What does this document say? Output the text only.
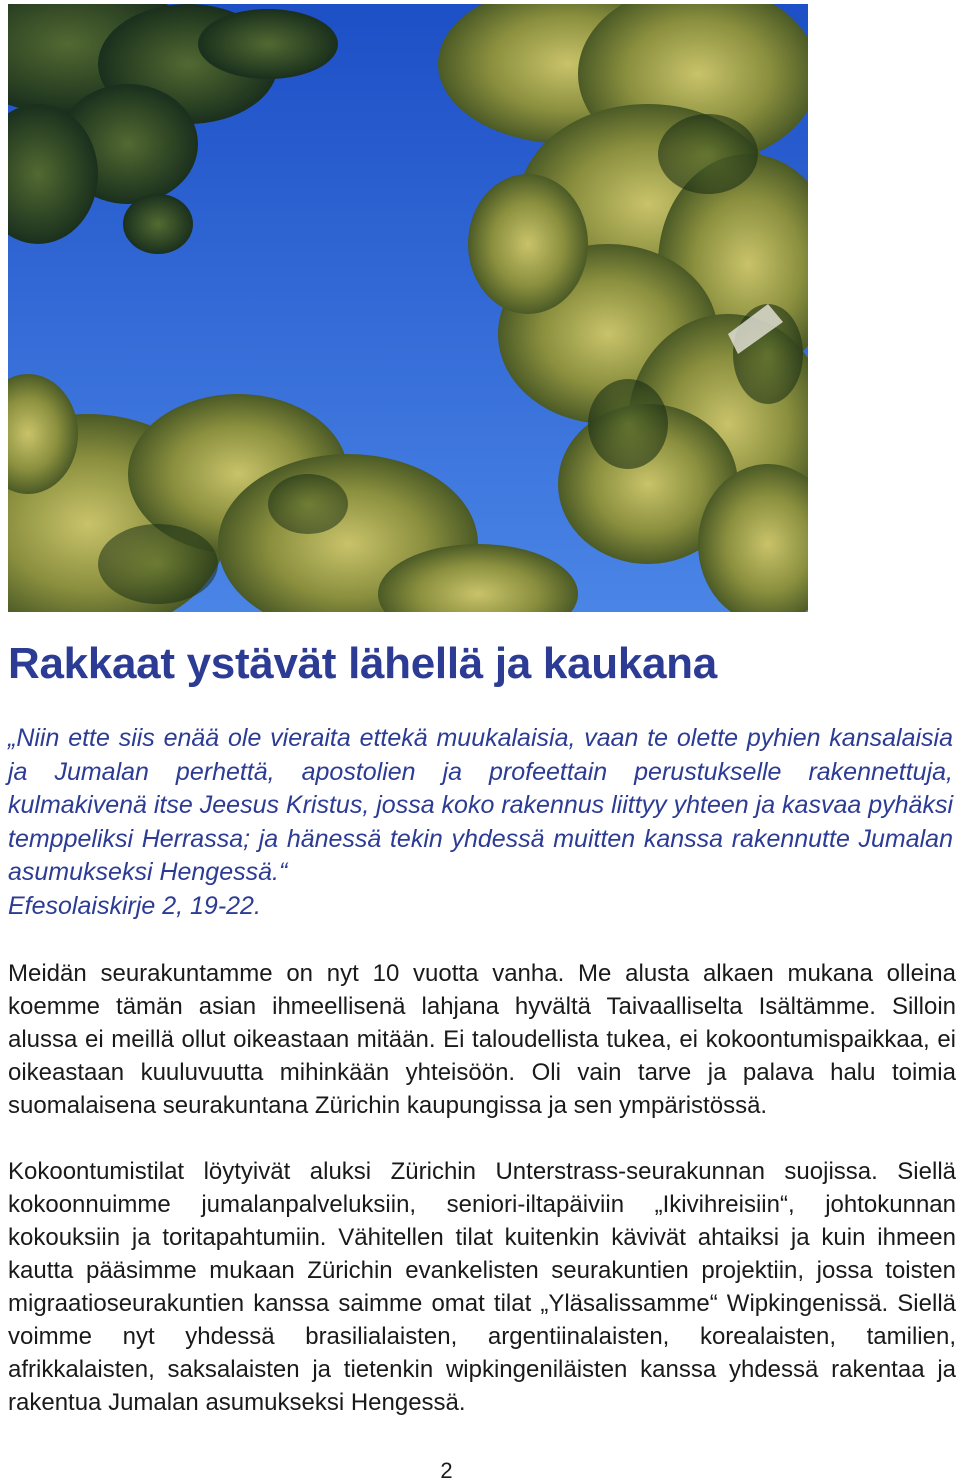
Rakkaat ystävät lähellä ja kaukana

„Niin ette siis enää ole vieraita ettekä muukalaisia, vaan te olette pyhien kansalaisia ja Jumalan perhettä, apostolien ja profeettain perustukselle rakennettuja, kulmakivenä itse Jeesus Kristus, jossa koko rakennus liittyy yhteen ja kasvaa pyhäksi temppeliksi Herrassa; ja hänessä tekin yhdessä muitten kanssa rakennutte Jumalan asumukseksi Hengessä.“
Efesolaiskirje 2, 19-22.

Meidän seurakuntamme on nyt 10 vuotta vanha. Me alusta alkaen mukana olleina koemme tämän asian ihmeellisenä lahjana hyvältä Taivaalliselta Isältämme. Silloin alussa ei meillä ollut oikeastaan mitään. Ei taloudellista tukea, ei kokoontumispaikkaa, ei oikeastaan kuuluvuutta mihinkään yhteisöön. Oli vain tarve ja palava halu toimia suomalaisena seurakuntana Zürichin kaupungissa ja sen ympäristössä.

Kokoontumistilat löytyivät aluksi Zürichin Unterstrass-seurakunnan suojissa. Siellä kokoonnuimme jumalanpalveluksiin, seniori-iltapäiviin „Ikivihreisiin“, johtokunnan kokouksiin ja toritapahtumiin. Vähitellen tilat kuitenkin kävivät ahtaiksi ja kuin ihmeen kautta pääsimme mukaan Zürichin evankelisten seurakuntien projektiin, jossa toisten migraatioseurakuntien kanssa saimme omat tilat „Yläsalissamme“ Wipkingenissä. Siellä voimme nyt yhdessä brasilialaisten, argentiinalaisten, korealaisten, tamilien, afrikkalaisten, saksalaisten ja tietenkin wipkingeniläisten kanssa yhdessä rakentaa ja rakentua Jumalan asumukseksi Hengessä.

2
